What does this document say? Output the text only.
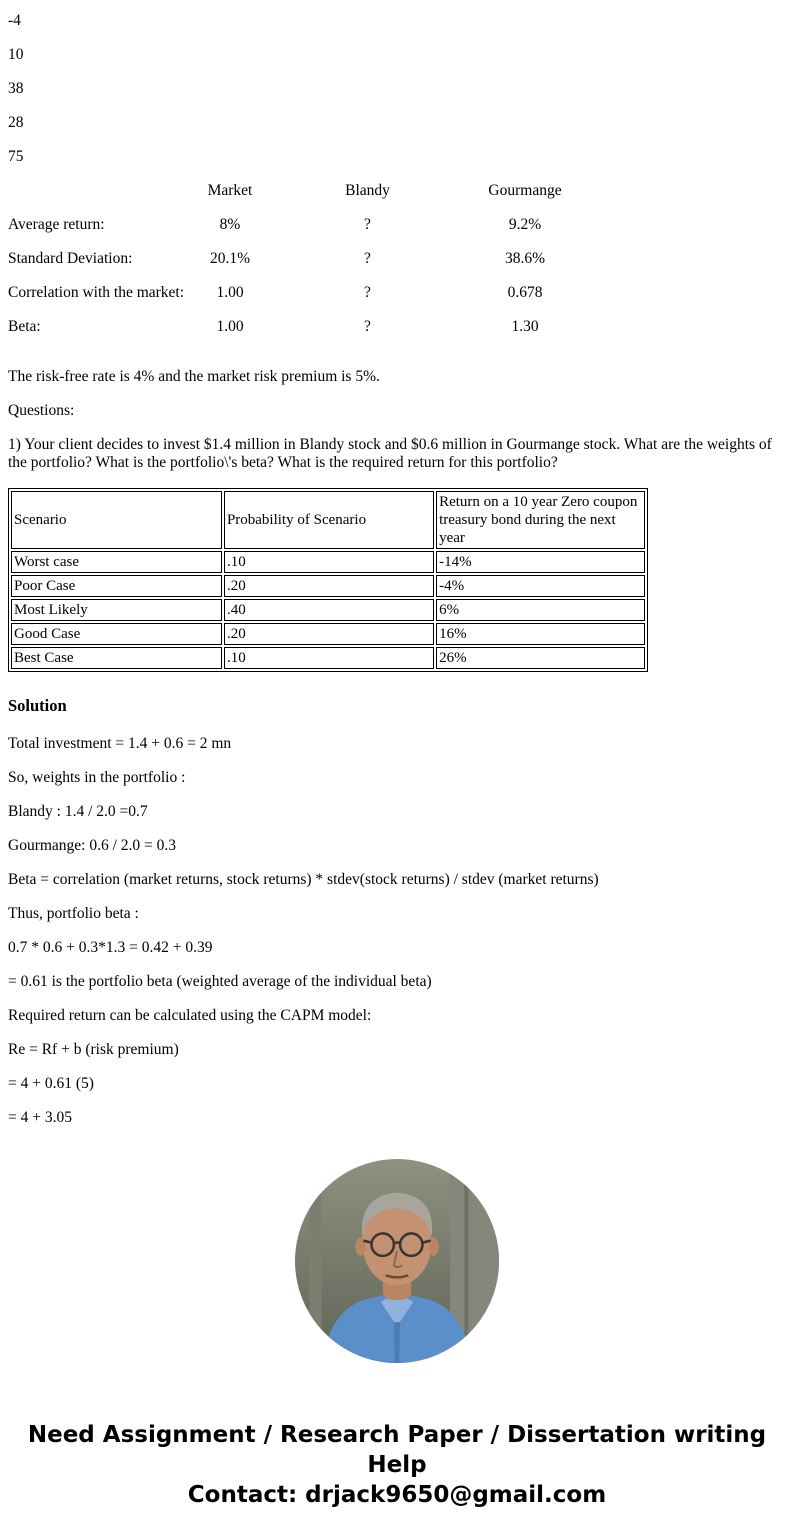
-4

10

38

28

75

	Market	Blandy	Gourmange
Average return:	8%	?	9.2%
Standard Deviation:	20.1%	?	38.6%
Correlation with the market:	1.00	?	0.678
Beta:	1.00	?	1.30

The risk-free rate is 4% and the market risk premium is 5%.

Questions:

1) Your client decides to invest $1.4 million in Blandy stock and $0.6 million in Gourmange stock. What are the weights of the portfolio? What is the portfolio\'s beta? What is the required return for this portfolio?

Scenario	Probability of Scenario	Return on a 10 year Zero coupon treasury bond during the next year
Worst case	.10	-14%
Poor Case	.20	-4%
Most Likely	.40	6%
Good Case	.20	16%
Best Case	.10	26%
Solution

Total investment = 1.4 + 0.6 = 2 mn

So, weights in the portfolio :

Blandy : 1.4 / 2.0 =0.7

Gourmange: 0.6 / 2.0 = 0.3

Beta = correlation (market returns, stock returns) * stdev(stock returns) / stdev (market returns)

Thus, portfolio beta :

0.7 * 0.6 + 0.3*1.3 = 0.42 + 0.39

= 0.61 is the portfolio beta (weighted average of the individual beta)

Required return can be calculated using the CAPM model:

Re = Rf + b (risk premium)

= 4 + 0.61 (5)

= 4 + 3.05

Need Assignment / Research Paper / Dissertation writing Help

Contact: drjack9650@gmail.com
